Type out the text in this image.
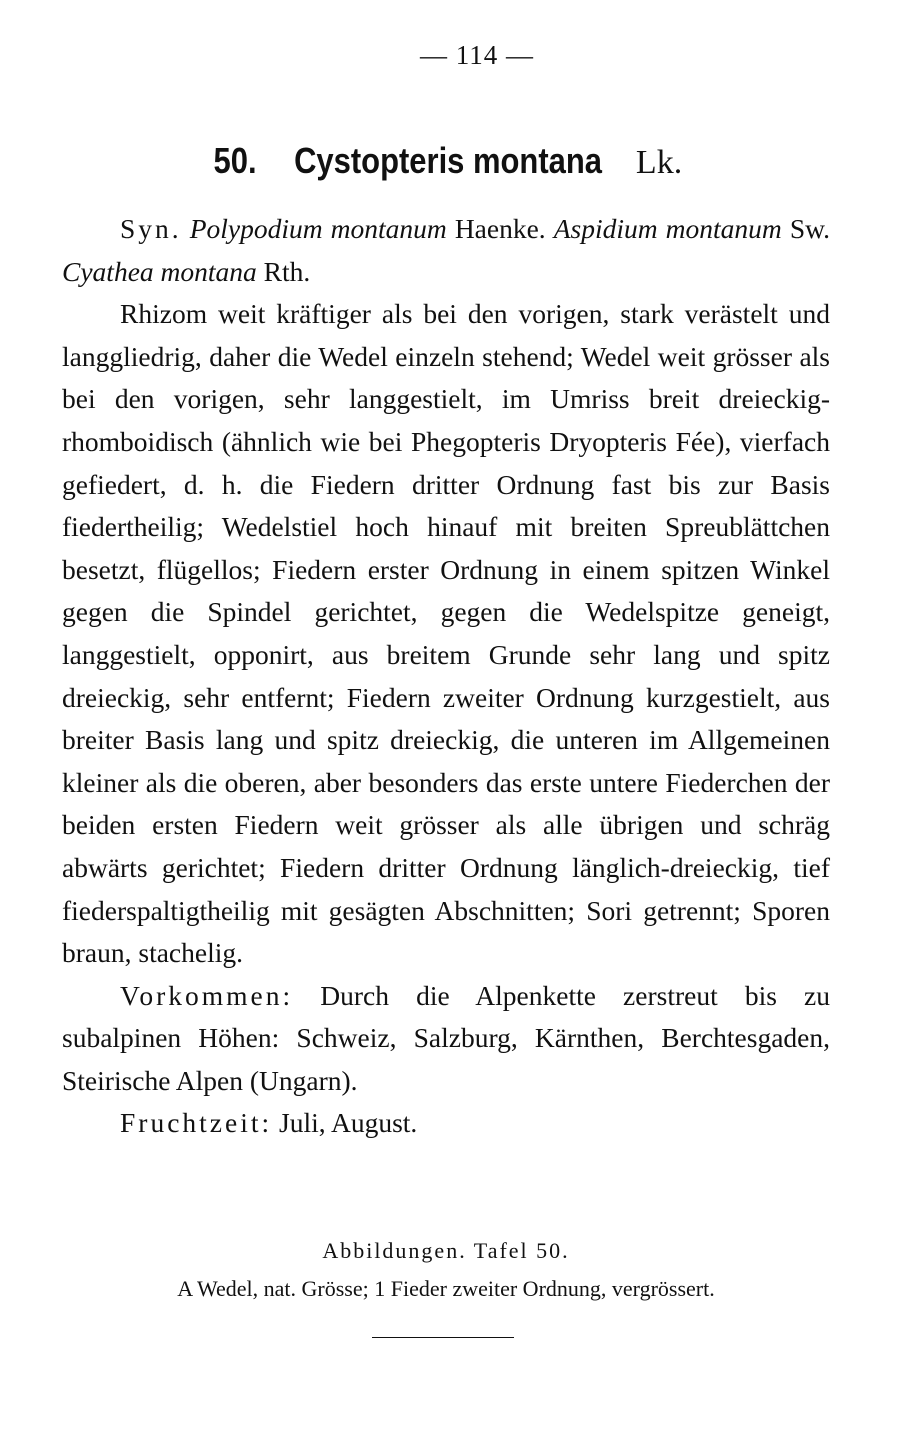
— 114 —
50. Cystopteris montana Lk.

Syn. Polypodium montanum Haenke. Aspidium montanum Sw. Cyathea montana Rth.

Rhizom weit kräftiger als bei den vorigen, stark verästelt und langgliedrig, daher die Wedel einzeln stehend; Wedel weit grösser als bei den vorigen, sehr langgestielt, im Umriss breit dreieckig-rhomboidisch (ähnlich wie bei Phegopteris Dryopteris Fée), vierfach gefiedert, d. h. die Fiedern dritter Ordnung fast bis zur Basis fiedertheilig; Wedelstiel hoch hinauf mit breiten Spreublättchen besetzt, flügellos; Fiedern erster Ordnung in einem spitzen Winkel gegen die Spindel gerichtet, gegen die Wedelspitze geneigt, langgestielt, opponirt, aus breitem Grunde sehr lang und spitz dreieckig, sehr entfernt; Fiedern zweiter Ordnung kurzgestielt, aus breiter Basis lang und spitz dreieckig, die unteren im Allgemeinen kleiner als die oberen, aber besonders das erste untere Fiederchen der beiden ersten Fiedern weit grösser als alle übrigen und schräg abwärts gerichtet; Fiedern dritter Ordnung länglich-dreieckig, tief fiederspaltigtheilig mit gesägten Abschnitten; Sori getrennt; Sporen braun, stachelig.

Vorkommen: Durch die Alpenkette zerstreut bis zu subalpinen Höhen: Schweiz, Salzburg, Kärnthen, Berchtesgaden, Steirische Alpen (Ungarn).

Fruchtzeit: Juli, August.

Abbildungen. Tafel 50.
A Wedel, nat. Grösse; 1 Fieder zweiter Ordnung, vergrössert.
